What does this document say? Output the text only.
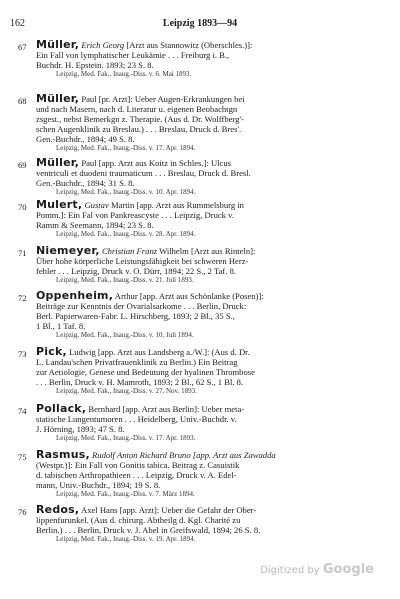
Leipzig 1893—94
162
67 Müller, Erich Georg [Arzt aus Stannowitz (Oberschles.)]:
Ein Fall von lymphatischer Leukämie . . . Freiburg i. B.,
Buchdr. H. Epstein. 1893; 23 S. 8.
Leipzig, Med. Fak., Inaug.-Diss. v. 6. Mai 1893.
68 Müller, Paul [pr. Arzt]: Ueber Augen-Erkrankungen bei
und nach Masern, nach d. Literatur u. eigenen Beobachtgn
zsgest., nebst Bemerkgn z. Therapie. (Aus d. Dr. Wolffberg'-
schen Augenklinik zu Breslau.) . . . Breslau, Druck d. Bres'.
Gen.-Buchdr., 1894; 49 S. 8.
Leipzig, Med. Fak., Inaug.-Diss. v. 17. Apr. 1894.
69 Müller, Paul [app. Arzt aus Koitz in Schles.]: Ulcus
ventriculi et duodeni traumaticum . . . Breslau, Druck d. Bresl.
Gen.-Buchdr., 1894; 31 S. 8.
Leipzig, Med. Fak., Inaug.-Diss. v. 10. Apr. 1894.
70 Mulert, Gustav Martin [app. Arzt aus Rummelsburg in
Pomm.]: Ein Fal von Pankreascyste . . . Leipzig, Druck v.
Ramm & Seemann, 1894; 23 S. 8.
Leipzig, Med. Fak., Inaug.-Diss. v. 28. Apr. 1894.
71 Niemeyer, Christian Franz Wilhelm [Arzt aus Rinteln]:
Über hohe körperliche Leistungsfähigkeit bei schweren Herz-
fehler . . . Leipzig, Druck v. O. Dürr, 1894; 22 S., 2 Taf. 8.
Leipzig, Med. Fak., Inaug.-Diss. v. 21. Juli 1893.
72 Oppenheim, Arthur [app. Arzt aus Schönlanke (Posen)]:
Beiträge zur Kenntnis der Ovarialsarkome . . . Berlin, Druck:
Berl. Papierwaren-Fabr. L. Hirschberg, 1893; 2 Bl., 35 S.,
1 Bl., 1 Taf. 8.
Leipzig, Med. Fak., Inaug.-Diss. v. 10. Juli 1894.
73 Pick, Ludwig [app. Arzt aus Landsberg a./W.]: (Aus d. Dr.
L. Landau'schen Privatfrauenklinik zu Berlin.) Ein Beitrag
zur Aetiologie, Genese und Bedeutung der hyalinen Thrombose
. . . Berlin, Druck v. H. Mamroth, 1893; 2 Bl., 62 S., 1 Bl. 8.
Leipzig, Med. Fak., Inaug.-Diss. v. 27. Nov. 1893.
74 Pollack, Bernhard [app. Arzt aus Berlin]: Ueber meta-
statische Lungentumoren . . . Heidelberg, Univ.-Buchdr. v.
J. Hörning, 1893; 47 S. 8.
Leipzig, Med. Fak., Inaug.-Diss. v. 17. Apr. 1893.
75 Rasmus, Rudolf Anton Richard Bruno [app. Arzt aus Zawadda
(Westpr.)]: Ein Fall von Gonitis tabica. Beitrag z. Casuistik
d. tabischen Arthropathieen . . . Leipzig, Druck v. A. Edel-
mann, Univ.-Buchdr., 1894; 19 S. 8.
Leipzig, Med. Fak., Inaug.-Diss. v. 7. März 1894.
76 Redos, Axel Hans [app. Arzt]: Ueber die Gefahr der Ober-
lippenfurunkel. (Aus d. chirurg. Abtheilg d. Kgl. Charité zu
Berlin.) . . . Berlin, Druck v. J. Abel in Greifswald, 1894; 26 S. 8.
Leipzig, Med. Fak., Inaug.-Diss. v. 19. Apr. 1894.
Digitized by Google
